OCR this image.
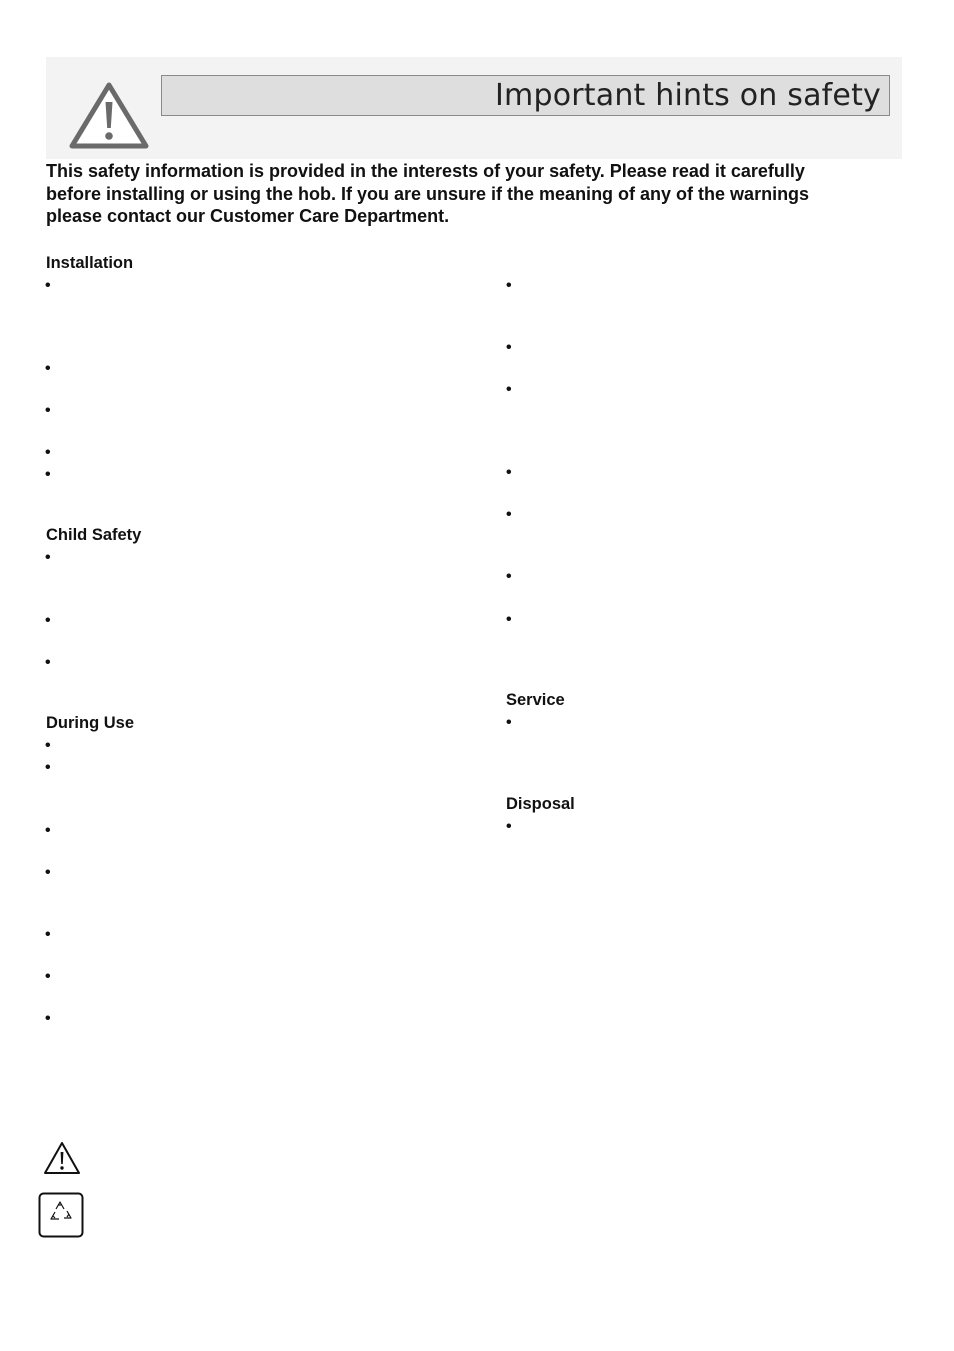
Important hints on safety

This safety information is provided in the interests of your safety. Please read it carefully

before installing or using the hob. If you are unsure if the meaning of any of the warnings

please contact our Customer Care Department.

Installation
•
•
•
•
•
Child Safety
•
•
•
During Use
•
•
•
•
•
•
•
•
•
•
•
•
•
•
Service
•
Disposal
•
